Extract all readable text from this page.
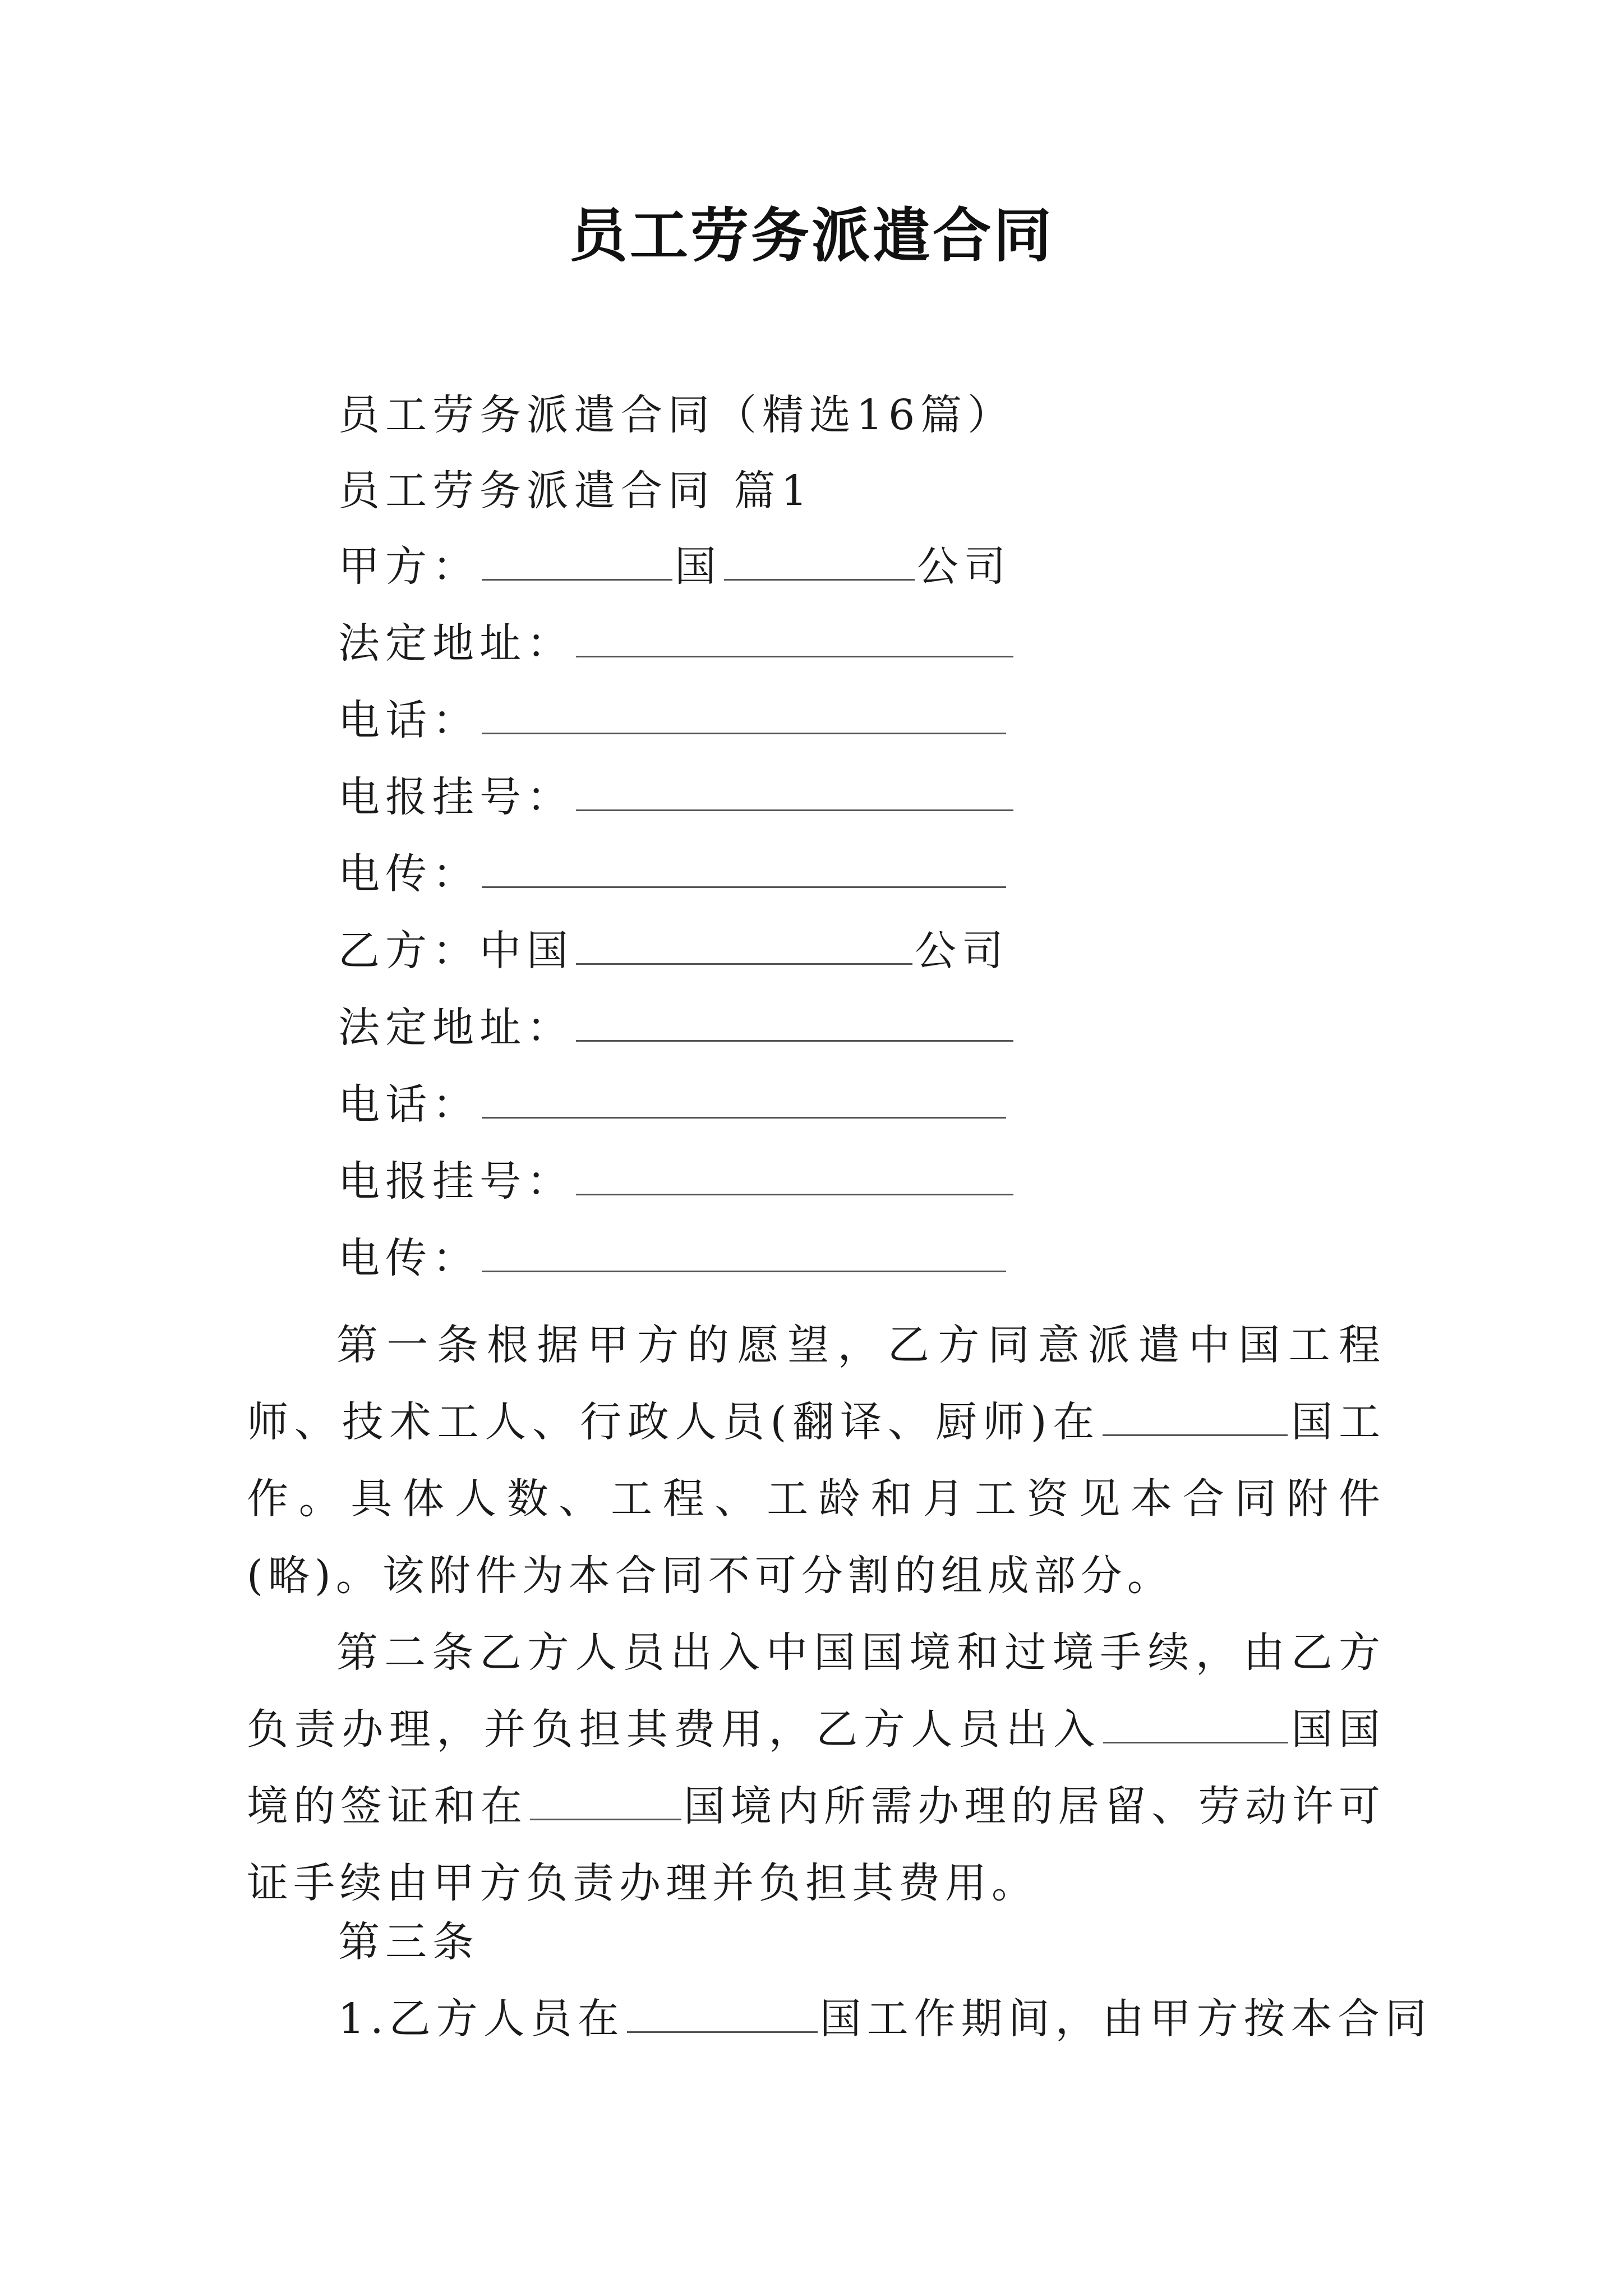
员工劳务派遣合同
员工劳务派遣合同（精选16篇）
员工劳务派遣合同 篇1
甲方：	国	公司
法定地址：
电话：
电报挂号：
电传：
乙方：中国	公司
法定地址：
电话：
电报挂号：
电传：
第一条根据甲方的愿望，乙方同意派遣中国工程师、技术工人、行政人员(翻译、厨师)在	国工作。具体人数、工程、工龄和月工资见本合同附件(略)。该附件为本合同不可分割的组成部分。
第二条乙方人员出入中国国境和过境手续，由乙方负责办理，并负担其费用，乙方人员出入	国国境的签证和在	国境内所需办理的居留、劳动许可证手续由甲方负责办理并负担其费用。
第三条
1.乙方人员在	国工作期间，由甲方按本合同
